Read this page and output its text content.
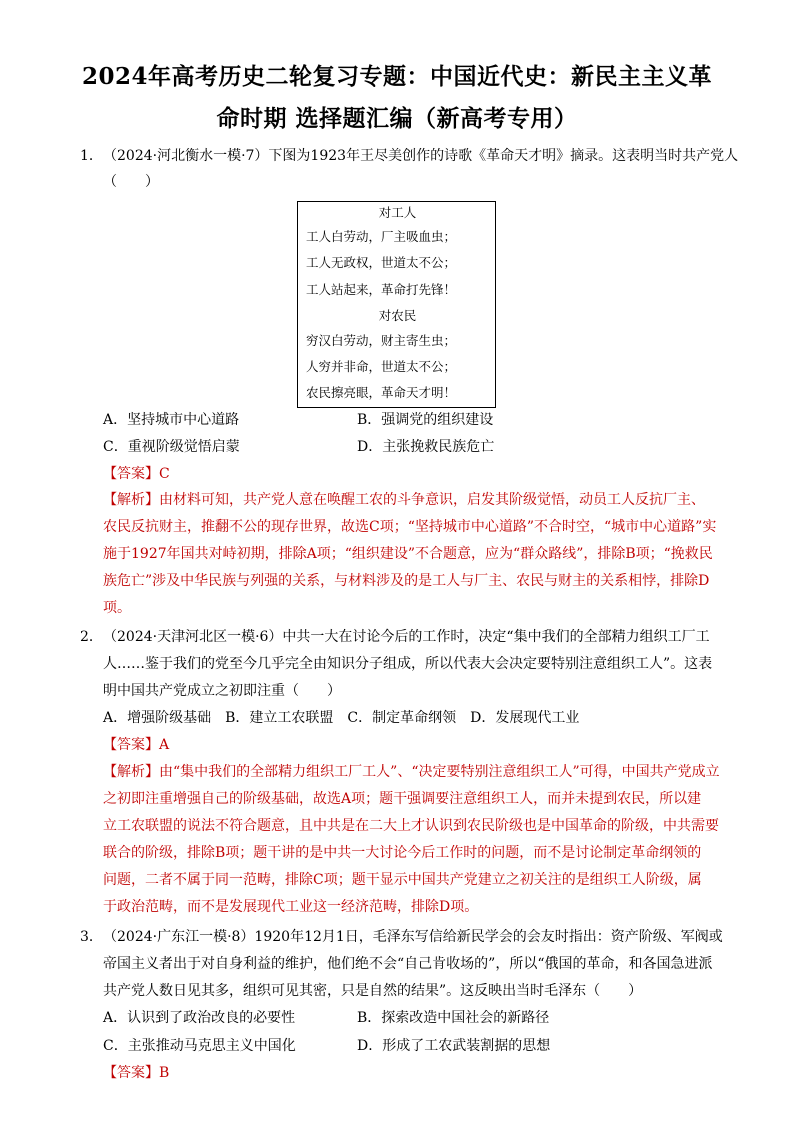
2024年高考历史二轮复习专题：中国近代史：新民主主义革
命时期 选择题汇编（新高考专用）
1． （2024·河北衡水一模·7）下图为1923年王尽美创作的诗歌《革命天才明》摘录。这表明当时共产党人
（　　）
对工人
工人白劳动，厂主吸血虫；
工人无政权，世道太不公；
工人站起来，革命打先锋！
对农民
穷汉白劳动，财主寄生虫；
人穷并非命，世道太不公；
农民擦亮眼，革命天才明！
A．坚持城市中心道路	B．强调党的组织建设
C．重视阶级觉悟启蒙	D．主张挽救民族危亡
【答案】C
【解析】由材料可知，共产党人意在唤醒工农的斗争意识，启发其阶级觉悟，动员工人反抗厂主、
农民反抗财主，推翻不公的现存世界，故选C项；“坚持城市中心道路”不合时空，“城市中心道路”实
施于1927年国共对峙初期，排除A项；“组织建设”不合题意，应为“群众路线”，排除B项；“挽救民
族危亡”涉及中华民族与列强的关系，与材料涉及的是工人与厂主、农民与财主的关系相悖，排除D
项。
2． （2024·天津河北区一模·6）中共一大在讨论今后的工作时，决定“集中我们的全部精力组织工厂工
人……鉴于我们的党至今几乎完全由知识分子组成，所以代表大会决定要特别注意组织工人”。这表
明中国共产党成立之初即注重（　　）
A．增强阶级基础　B．建立工农联盟　C．制定革命纲领　D．发展现代工业
【答案】A
【解析】由“集中我们的全部精力组织工厂工人”、“决定要特别注意组织工人”可得，中国共产党成立
之初即注重增强自己的阶级基础，故选A项；题干强调要注意组织工人，而并未提到农民，所以建
立工农联盟的说法不符合题意，且中共是在二大上才认识到农民阶级也是中国革命的阶级，中共需要
联合的阶级，排除B项；题干讲的是中共一大讨论今后工作时的问题，而不是讨论制定革命纲领的
问题，二者不属于同一范畴，排除C项；题干显示中国共产党建立之初关注的是组织工人阶级，属
于政治范畴，而不是发展现代工业这一经济范畴，排除D项。
3． （2024·广东江一模·8）1920年12月1日，毛泽东写信给新民学会的会友时指出：资产阶级、军阀或
帝国主义者出于对自身利益的维护，他们绝不会“自己肯收场的”，所以“俄国的革命，和各国急进派
共产党人数日见其多，组织可见其密，只是自然的结果”。这反映出当时毛泽东（　　）
A．认识到了政治改良的必要性	B．探索改造中国社会的新路径
C．主张推动马克思主义中国化	D．形成了工农武装割据的思想
【答案】B
